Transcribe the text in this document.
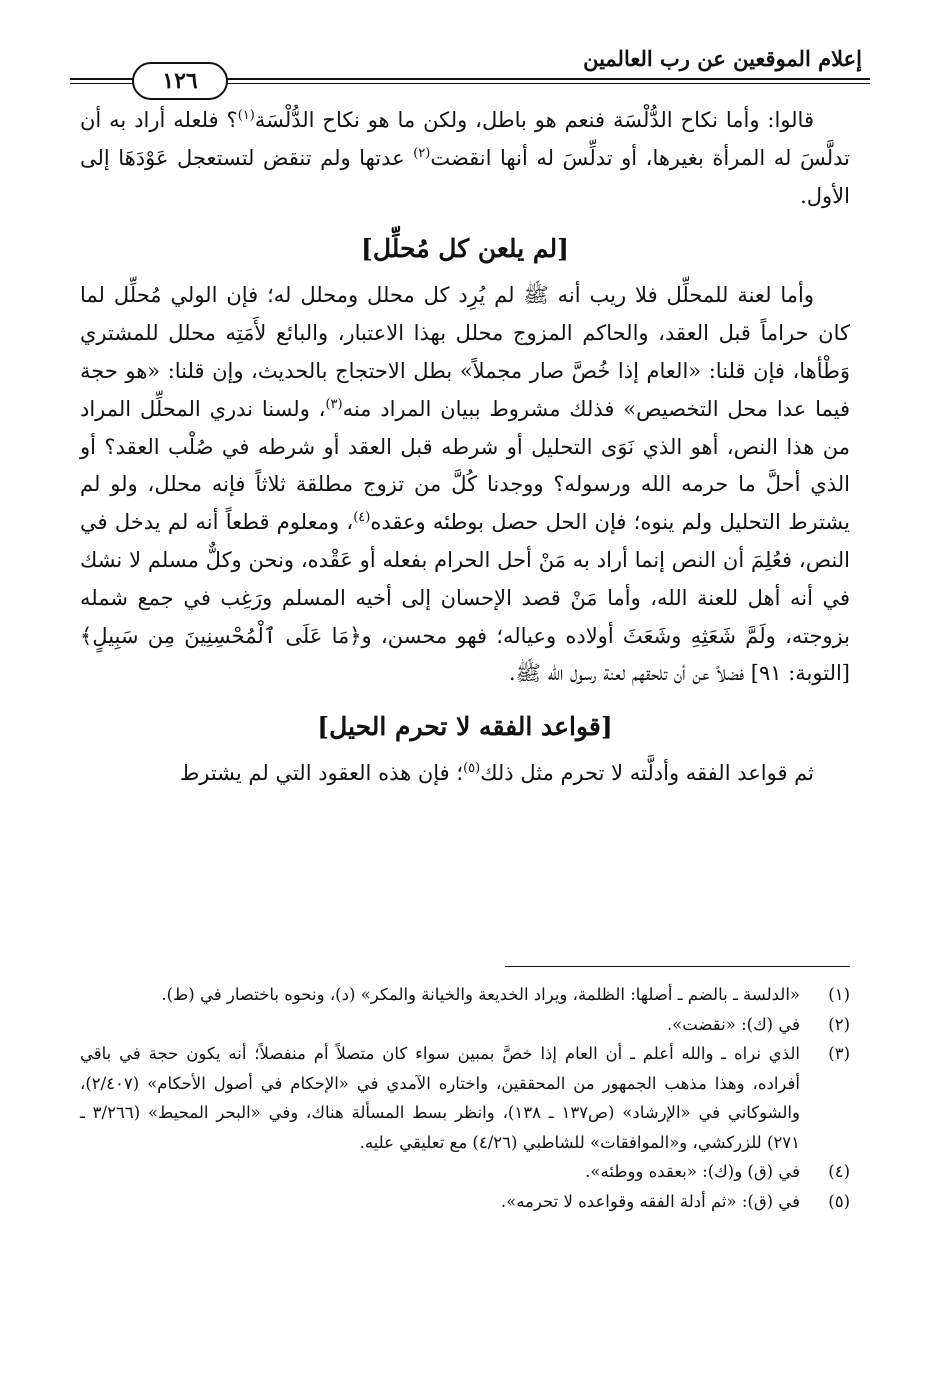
إعلام الموقعين عن رب العالمين
١٢٦

قالوا: وأما نكاح الدُّلْسَة فنعم هو باطل، ولكن ما هو نكاح الدُّلْسَة$^{(١)}$؟ فلعله أراد به أن تدلَّسَ له المرأة بغيرها، أو تدلِّسَ له أنها انقضت$^{(٢)}$ عدتها ولم تنقض لتستعجل عَوْدَهَا إلى الأول.

[لم يلعن كل مُحلِّل]

وأما لعنة للمحلِّل فلا ريب أنه ﷺ لم يُرِد كل محلل ومحلل له؛ فإن الولي مُحلِّل لما كان حراماً قبل العقد، والحاكم المزوج محلل بهذا الاعتبار، والبائع لأَمَتِه محلل للمشتري وَطْأها، فإن قلنا: «العام إذا خُصَّ صار مجملاً» بطل الاحتجاج بالحديث، وإن قلنا: «هو حجة فيما عدا محل التخصيص» فذلك مشروط ببيان المراد منه$^{(٣)}$، ولسنا ندري المحلِّل المراد من هذا النص، أهو الذي نَوَى التحليل أو شرطه قبل العقد أو شرطه في صُلْب العقد؟ أو الذي أحلَّ ما حرمه الله ورسوله؟ ووجدنا كُلَّ من تزوج مطلقة ثلاثاً فإنه محلل، ولو لم يشترط التحليل ولم ينوه؛ فإن الحل حصل بوطئه وعقده$^{(٤)}$، ومعلوم قطعاً أنه لم يدخل في النص، فعُلِمَ أن النص إنما أراد به مَنْ أحل الحرام بفعله أو عَقْده، ونحن وكلٌّ مسلم لا نشك في أنه أهل للعنة الله، وأما مَنْ قصد الإحسان إلى أخيه المسلم ورَغِب في جمع شمله بزوجته، ولَمَّ شَعَثِهِ وشَعَثَ أولاده وعياله؛ فهو محسن، و﴿مَا عَلَى ٱلْمُحْسِنِينَ مِن سَبِيلٍ﴾ [التوبة: ٩١] فضلاً عن أن تلحقهم لعنة رسول الله ﷺ.

[قواعد الفقه لا تحرم الحيل]

ثم قواعد الفقه وأدلَّته لا تحرم مثل ذلك$^{(٥)}$؛ فإن هذه العقود التي لم يشترط

(١)
«الدلسة ـ بالضم ـ أصلها: الظلمة، ويراد الخديعة والخيانة والمكر» (د)، ونحوه باختصار في (ط).
(٢)
في (ك): «نقضت».
(٣)
الذي نراه ـ والله أعلم ـ أن العام إذا خصَّ بمبين سواء كان متصلاً أم منفصلاً؛ أنه يكون حجة في باقي أفراده، وهذا مذهب الجمهور من المحققين، واختاره الآمدي في «الإحكام في أصول الأحكام» (٢/٤٠٧)، والشوكاني في «الإرشاد» (ص١٣٧ ـ ١٣٨)، وانظر بسط المسألة هناك، وفي «البحر المحيط» (٣/٢٦٦ ـ ٢٧١) للزركشي، و«الموافقات» للشاطبي (٤/٢٦) مع تعليقي عليه.
(٤)
في (ق) و(ك): «بعقده ووطئه».
(٥)
في (ق): «ثم أدلة الفقه وقواعده لا تحرمه».
